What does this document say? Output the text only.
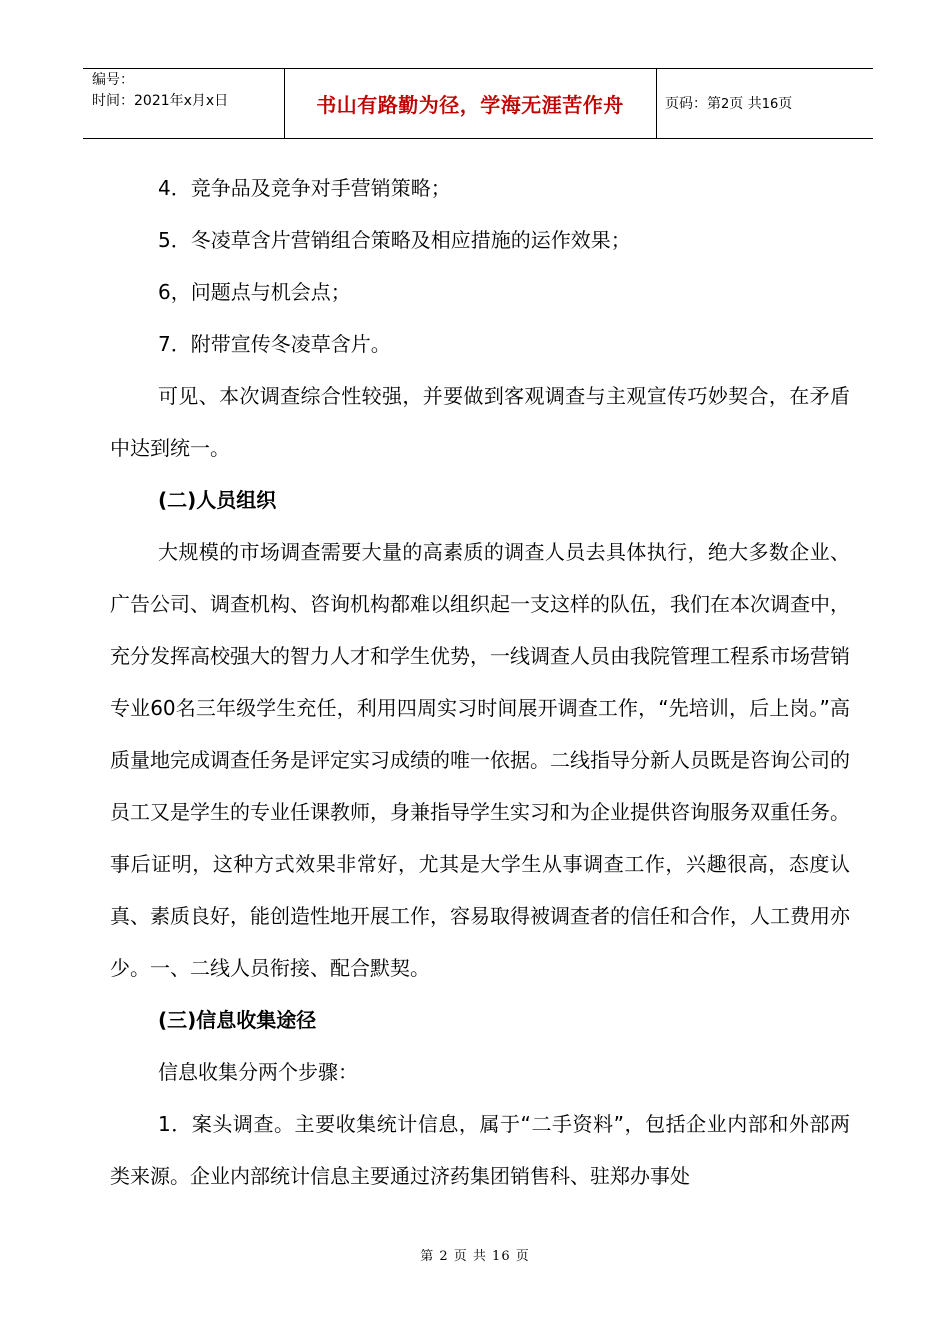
编号：
时间：2021年x月x日	书山有路勤为径，学海无涯苦作舟	页码：第2页 共16页

4．竞争品及竞争对手营销策略；

5．冬凌草含片营销组合策略及相应措施的运作效果；

6，问题点与机会点；

7．附带宣传冬凌草含片。

可见、本次调查综合性较强，并要做到客观调查与主观宣传巧妙契合，在矛盾中达到统一。

(二)人员组织

大规模的市场调查需要大量的高素质的调查人员去具体执行，绝大多数企业、广告公司、调查机构、咨询机构都难以组织起一支这样的队伍，我们在本次调查中，充分发挥高校强大的智力人才和学生优势，一线调查人员由我院管理工程系市场营销专业60名三年级学生充任，利用四周实习时间展开调查工作，“先培训，后上岗。”高质量地完成调查任务是评定实习成绩的唯一依据。二线指导分新人员既是咨询公司的员工又是学生的专业任课教师，身兼指导学生实习和为企业提供咨询服务双重任务。事后证明，这种方式效果非常好，尤其是大学生从事调查工作，兴趣很高，态度认真、素质良好，能创造性地开展工作，容易取得被调查者的信任和合作，人工费用亦少。一、二线人员衔接、配合默契。

(三)信息收集途径

信息收集分两个步骤：

1．案头调查。主要收集统计信息，属于“二手资料”，包括企业内部和外部两类来源。企业内部统计信息主要通过济药集团销售科、驻郑办事处

第 2 页 共 16 页
